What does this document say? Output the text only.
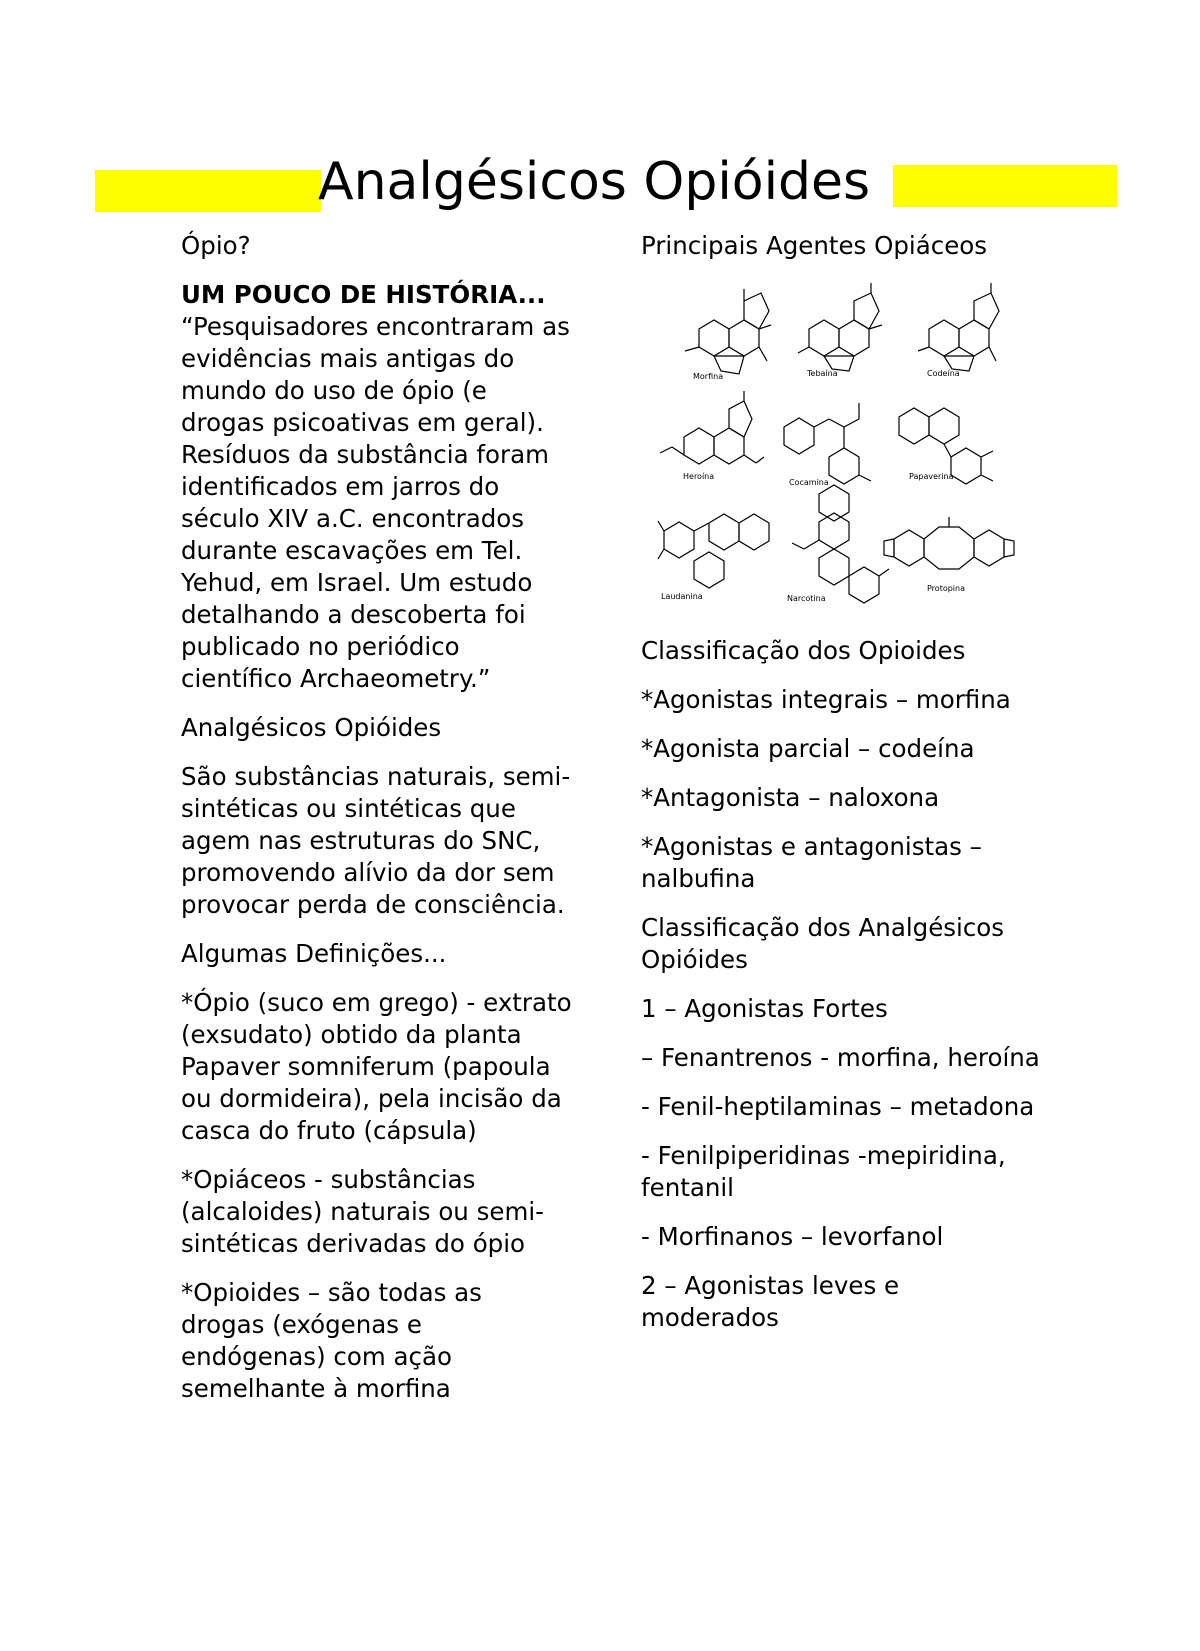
Analgésicos Opióides

Ópio?

UM POUCO DE HISTÓRIA...

“Pesquisadores encontraram as evidências mais antigas do mundo do uso de ópio (e drogas psicoativas em geral). Resíduos da substância foram identificados em jarros do século XIV a.C. encontrados durante escavações em Tel. Yehud, em Israel. Um estudo detalhando a descoberta foi publicado no periódico científico Archaeometry.”

Analgésicos Opióides

São substâncias naturais, semi-sintéticas ou sintéticas que agem nas estruturas do SNC, promovendo alívio da dor sem provocar perda de consciência.

Algumas Definições...

*Ópio (suco em grego) - extrato (exsudato) obtido da planta Papaver somniferum (papoula ou dormideira), pela incisão da casca do fruto (cápsula)

*Opiáceos - substâncias (alcaloides) naturais ou semi-sintéticas derivadas do ópio

*Opioides – são todas as drogas (exógenas e endógenas) com ação semelhante à morfina

Principais Agentes Opiáceos

Morfina	Tebaína	Codeína
Heroína
Cocamina
Papaverina
Laudanina	Narcotina
Protopina

Classificação dos Opioides

*Agonistas integrais – morfina

*Agonista parcial – codeína

*Antagonista – naloxona

*Agonistas e antagonistas – nalbufina

Classificação dos Analgésicos Opióides

1 – Agonistas Fortes

– Fenantrenos - morfina, heroína

- Fenil-heptilaminas – metadona

- Fenilpiperidinas -mepiridina, fentanil

- Morfinanos – levorfanol

2 – Agonistas leves e moderados
